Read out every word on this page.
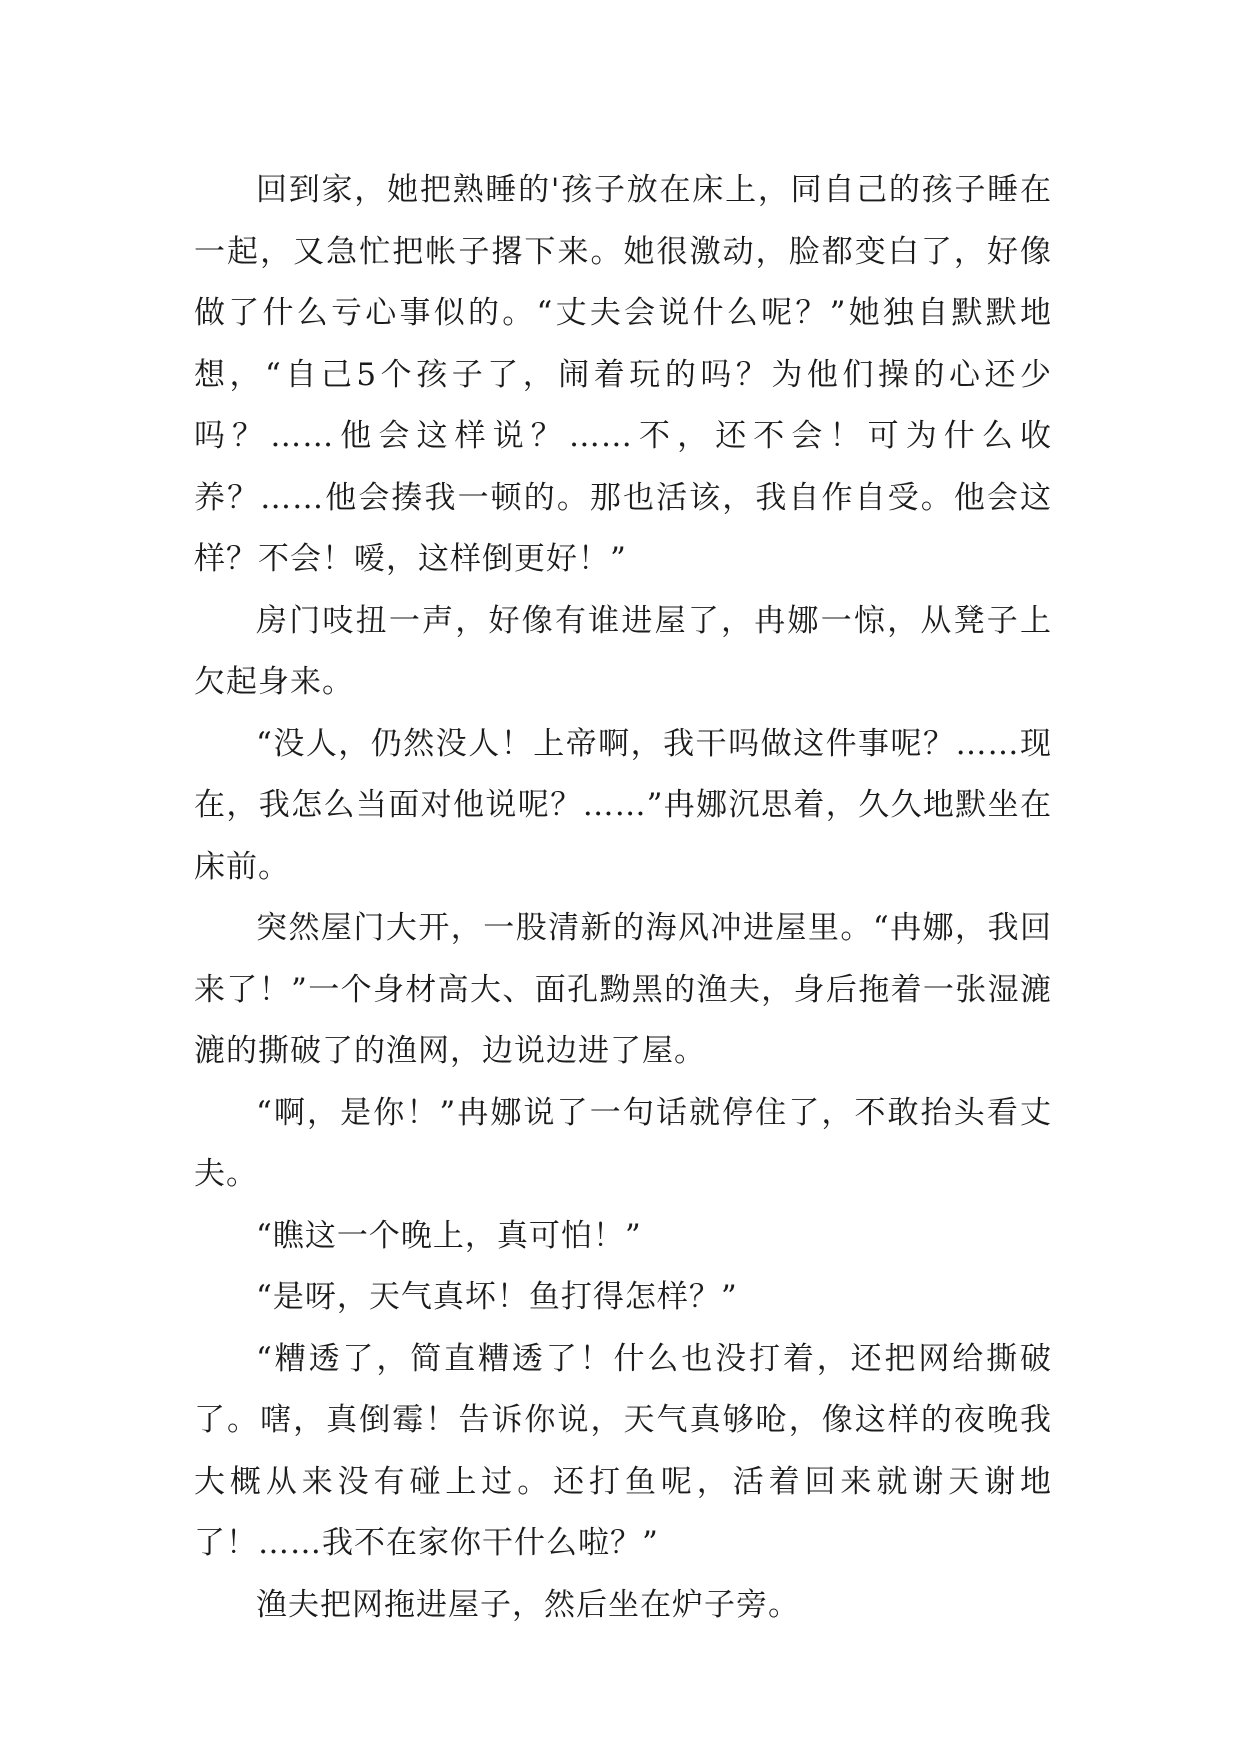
回到家，她把熟睡的'孩子放在床上，同自己的孩子睡在一起，又急忙把帐子撂下来。她很激动，脸都变白了，好像做了什么亏心事似的。“丈夫会说什么呢？”她独自默默地想，“自己5个孩子了，闹着玩的吗？为他们操的心还少吗？……他会这样说？……不，还不会！可为什么收养？……他会揍我一顿的。那也活该，我自作自受。他会这样？不会！嗳，这样倒更好！”

房门吱扭一声，好像有谁进屋了，冉娜一惊，从凳子上欠起身来。

“没人，仍然没人！上帝啊，我干吗做这件事呢？……现在，我怎么当面对他说呢？……”冉娜沉思着，久久地默坐在床前。

突然屋门大开，一股清新的海风冲进屋里。“冉娜，我回来了！”一个身材高大、面孔黝黑的渔夫，身后拖着一张湿漉漉的撕破了的渔网，边说边进了屋。

“啊，是你！”冉娜说了一句话就停住了，不敢抬头看丈夫。

“瞧这一个晚上，真可怕！”

“是呀，天气真坏！鱼打得怎样？”

“糟透了，简直糟透了！什么也没打着，还把网给撕破了。嗐，真倒霉！告诉你说，天气真够呛，像这样的夜晚我大概从来没有碰上过。还打鱼呢，活着回来就谢天谢地了！……我不在家你干什么啦？”

渔夫把网拖进屋子，然后坐在炉子旁。
